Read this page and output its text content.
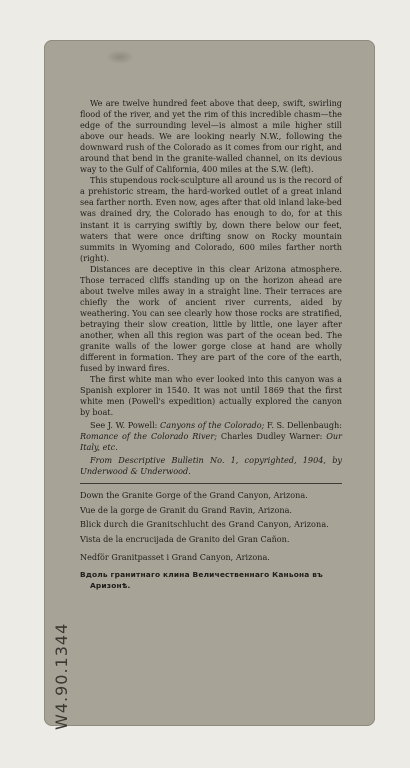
We are twelve hundred feet above that deep, swift, swirling flood of the river, and yet the rim of this incredible chasm—the edge of the surrounding level—is almost a mile higher still above our heads. We are looking nearly N.W., following the downward rush of the Colorado as it comes from our right, and around that bend in the granite-walled channel, on its devious way to the Gulf of California, 400 miles at the S.W. (left).

This stupendous rock-sculpture all around us is the record of a prehistoric stream, the hard-worked outlet of a great inland sea farther north. Even now, ages after that old inland lake-bed was drained dry, the Colorado has enough to do, for at this instant it is carrying swiftly by, down there below our feet, waters that were once drifting snow on Rocky mountain summits in Wyoming and Colorado, 600 miles farther north (right).

Distances are deceptive in this clear Arizona atmosphere. Those terraced cliffs standing up on the horizon ahead are about twelve miles away in a straight line. Their terraces are chiefly the work of ancient river currents, aided by weathering. You can see clearly how those rocks are stratified, betraying their slow creation, little by little, one layer after another, when all this region was part of the ocean bed. The granite walls of the lower gorge close at hand are wholly different in formation. They are part of the core of the earth, fused by inward fires.

The first white man who ever looked into this canyon was a Spanish explorer in 1540. It was not until 1869 that the first white men (Powell's expedition) actually explored the canyon by boat.

See J. W. Powell: Canyons of the Colorado; F. S. Dellenbaugh: Romance of the Colorado River; Charles Dudley Warner: Our Italy, etc.

From Descriptive Bulletin No. 1, copyrighted, 1904, by Underwood & Underwood.

Down the Granite Gorge of the Grand Canyon, Arizona.

Vue de la gorge de Granit du Grand Ravin, Arizona.

Blick durch die Granitschlucht des Grand Canyon, Arizona.

Vista de la encrucijada de Granito del Gran Cañon.

Nedför Granitpasset i Grand Canyon, Arizona.

Вдоль гранитнаго клина Величественнаго Каньона въ Аризонѣ.

W4.90.1344
